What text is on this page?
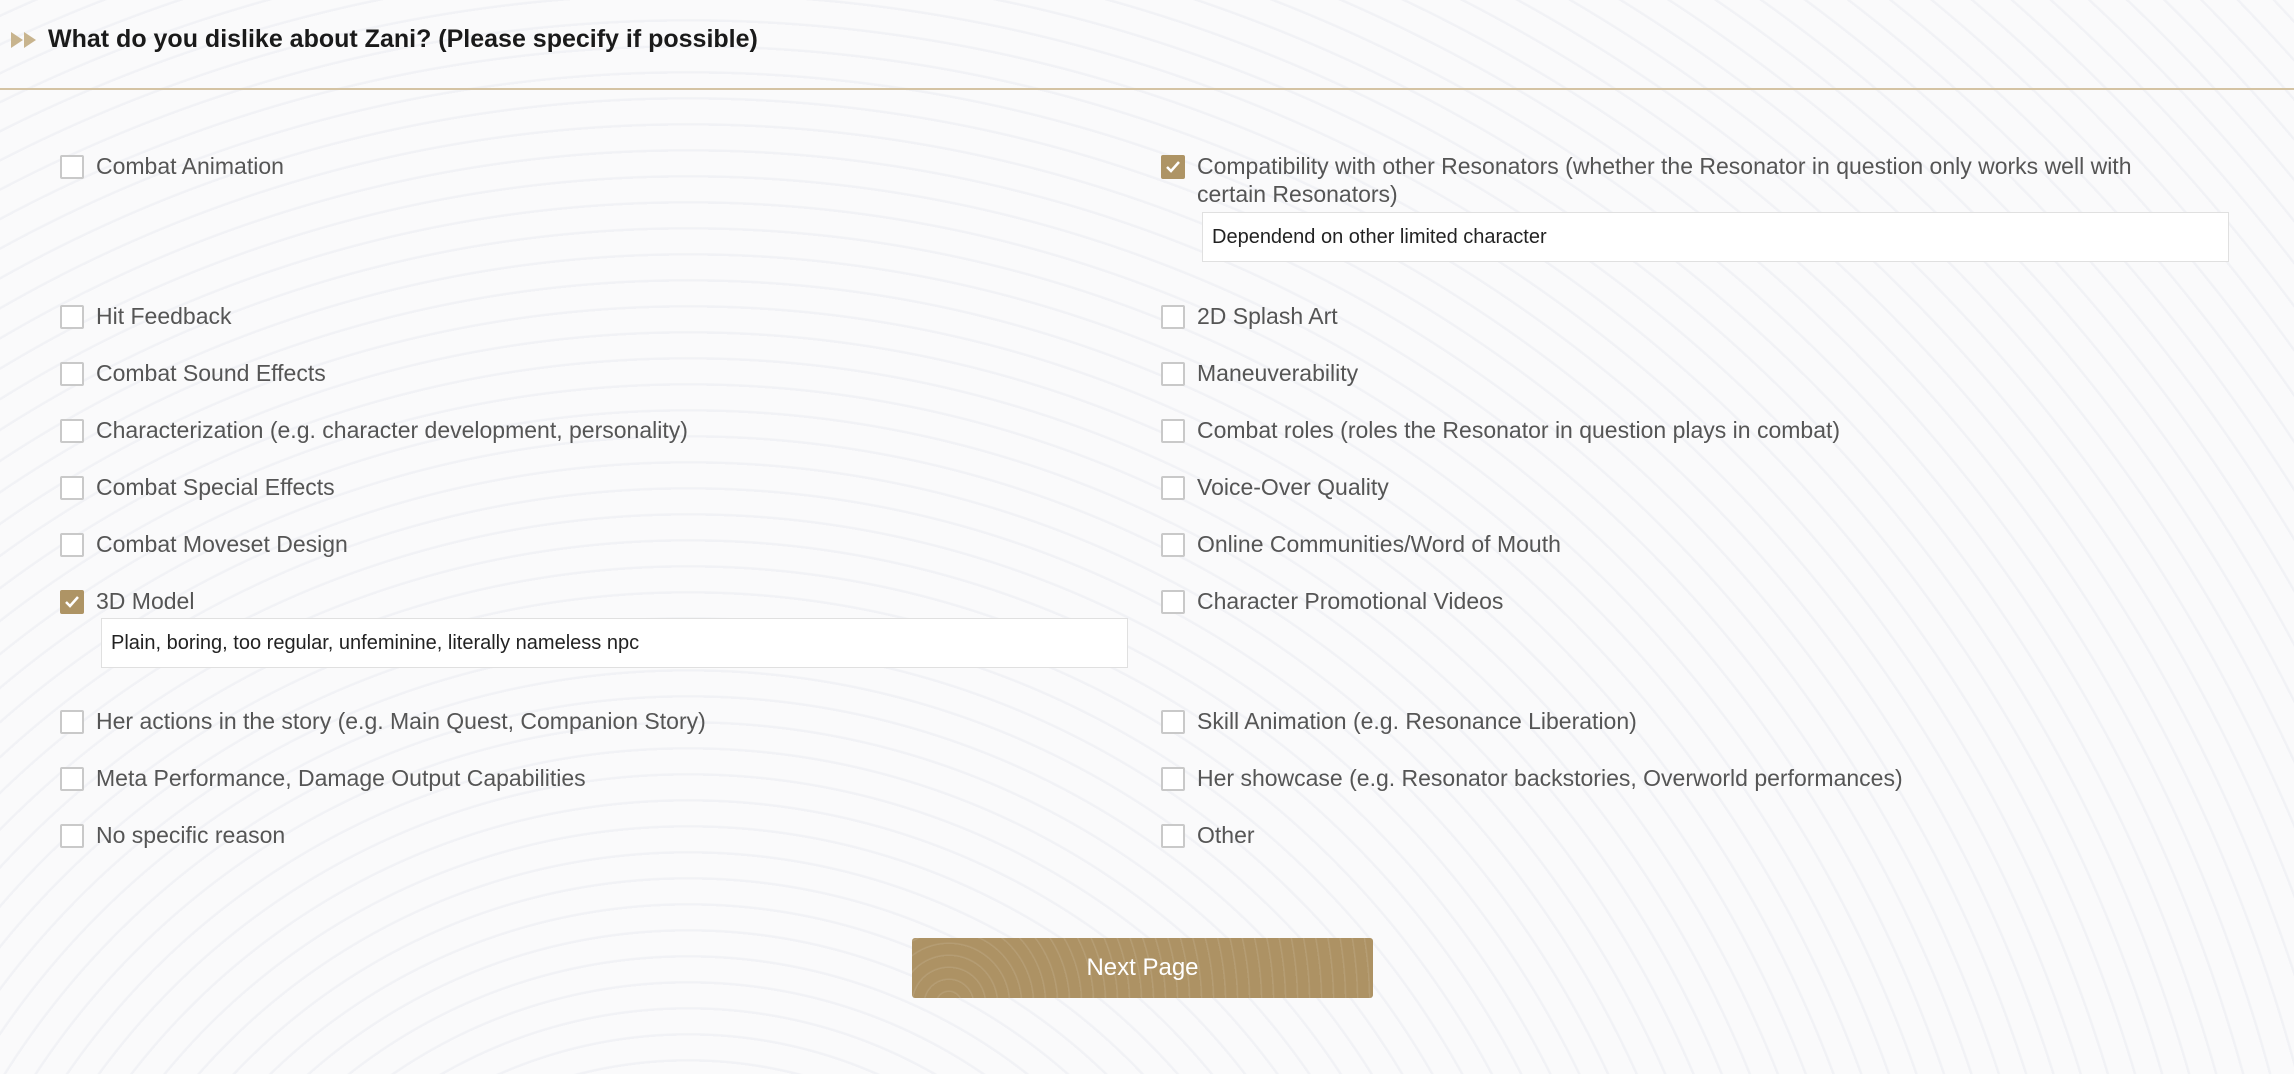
What do you dislike about Zani? (Please specify if possible)
Combat Animation
Hit Feedback
Combat Sound Effects
Characterization (e.g. character development, personality)
Combat Special Effects
Combat Moveset Design
3D Model
Plain, boring, too regular, unfeminine, literally nameless npc
Her actions in the story (e.g. Main Quest, Companion Story)
Meta Performance, Damage Output Capabilities
No specific reason
Compatibility with other Resonators (whether the Resonator in question only works well with certain Resonators)
Dependend on other limited character
2D Splash Art
Maneuverability
Combat roles (roles the Resonator in question plays in combat)
Voice-Over Quality
Online Communities/Word of Mouth
Character Promotional Videos
Skill Animation (e.g. Resonance Liberation)
Her showcase (e.g. Resonator backstories, Overworld performances)
Other
Next Page
